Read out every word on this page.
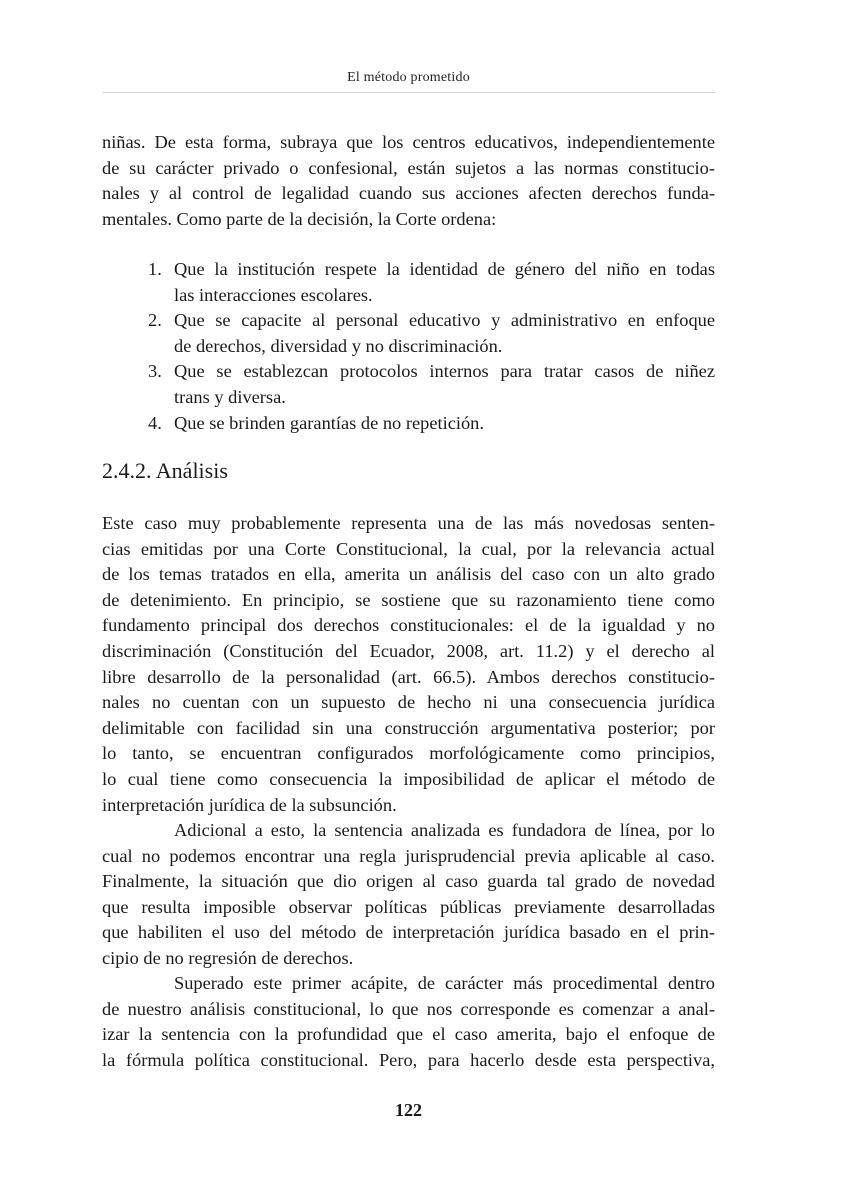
El método prometido
niñas. De esta forma, subraya que los centros educativos, independientemente
de su carácter privado o confesional, están sujetos a las normas constitucio-
nales y al control de legalidad cuando sus acciones afecten derechos funda-
mentales. Como parte de la decisión, la Corte ordena:
1. Que la institución respete la identidad de género del niño en todas
las interacciones escolares.
2. Que se capacite al personal educativo y administrativo en enfoque
de derechos, diversidad y no discriminación.
3. Que se establezcan protocolos internos para tratar casos de niñez
trans y diversa.
4. Que se brinden garantías de no repetición.
2.4.2. Análisis
Este caso muy probablemente representa una de las más novedosas senten-
cias emitidas por una Corte Constitucional, la cual, por la relevancia actual
de los temas tratados en ella, amerita un análisis del caso con un alto grado
de detenimiento. En principio, se sostiene que su razonamiento tiene como
fundamento principal dos derechos constitucionales: el de la igualdad y no
discriminación (Constitución del Ecuador, 2008, art. 11.2) y el derecho al
libre desarrollo de la personalidad (art. 66.5). Ambos derechos constitucio-
nales no cuentan con un supuesto de hecho ni una consecuencia jurídica
delimitable con facilidad sin una construcción argumentativa posterior; por
lo tanto, se encuentran configurados morfológicamente como principios,
lo cual tiene como consecuencia la imposibilidad de aplicar el método de
interpretación jurídica de la subsunción.
Adicional a esto, la sentencia analizada es fundadora de línea, por lo
cual no podemos encontrar una regla jurisprudencial previa aplicable al caso.
Finalmente, la situación que dio origen al caso guarda tal grado de novedad
que resulta imposible observar políticas públicas previamente desarrolladas
que habiliten el uso del método de interpretación jurídica basado en el prin-
cipio de no regresión de derechos.
Superado este primer acápite, de carácter más procedimental dentro
de nuestro análisis constitucional, lo que nos corresponde es comenzar a anal-
izar la sentencia con la profundidad que el caso amerita, bajo el enfoque de
la fórmula política constitucional. Pero, para hacerlo desde esta perspectiva,
122
